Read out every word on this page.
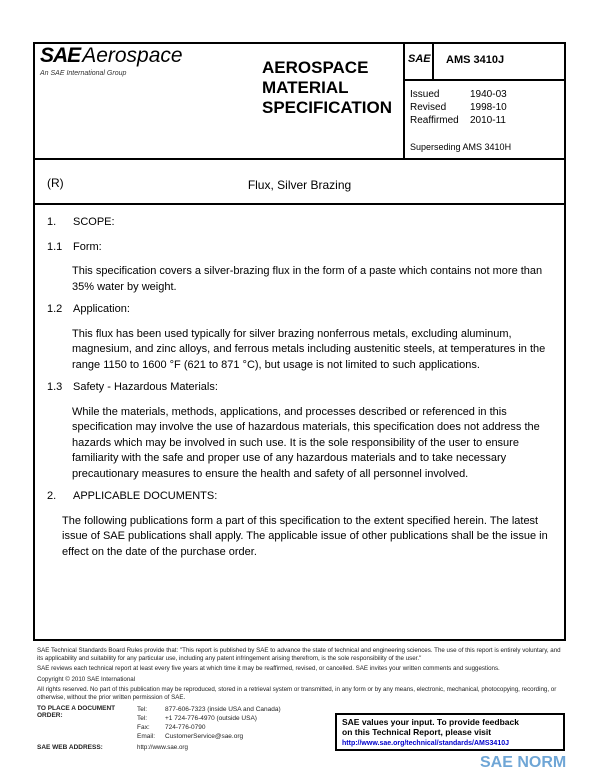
SAEAerospace
An SAE International Group	AEROSPACE
MATERIAL
SPECIFICATION
SAE AMS 3410J
Issued	1940-03
Revised 1998-10
Reaffirmed 2010-11
Superseding AMS 3410H
(R)	Flux, Silver Brazing
1. SCOPE:
1.1 Form:
This specification covers a silver-brazing flux in the form of a paste which contains not more than 35% water by weight.
1.2 Application:
This flux has been used typically for silver brazing nonferrous metals, excluding aluminum, magnesium, and zinc alloys, and ferrous metals including austenitic steels, at temperatures in the range 1150 to 1600 °F (621 to 871 °C), but usage is not limited to such applications.
1.3 Safety - Hazardous Materials:
While the materials, methods, applications, and processes described or referenced in this specification may involve the use of hazardous materials, this specification does not address the hazards which may be involved in such use. It is the sole responsibility of the user to ensure familiarity with the safe and proper use of any hazardous materials and to take necessary precautionary measures to ensure the health and safety of all personnel involved.
2. APPLICABLE DOCUMENTS:
The following publications form a part of this specification to the extent specified herein. The latest issue of SAE publications shall apply. The applicable issue of other publications shall be the issue in effect on the date of the purchase order.
SAE Technical Standards Board Rules provide that: "This report is published by SAE to advance the state of technical and engineering sciences. The use of this report is entirely voluntary, and its applicability and suitability for any particular use, including any patent infringement arising therefrom, is the sole responsibility of the user."
SAE reviews each technical report at least every five years at which time it may be reaffirmed, revised, or cancelled. SAE invites your written comments and suggestions.
Copyright © 2010 SAE International
All rights reserved. No part of this publication may be reproduced, stored in a retrieval system or transmitted, in any form or by any means, electronic, mechanical, photocopying, recording, or otherwise, without the prior written permission of SAE.
TO PLACE A DOCUMENT ORDER:
Tel:	877-606-7323 (inside USA and Canada)
Tel:	+1 724-776-4970 (outside USA)
Fax: 724-776-0790
Email: CustomerService@sae.org
SAE WEB ADDRESS:	http://www.sae.org
SAE values your input. To provide feedback
on this Technical Report, please visit
http://www.sae.org/technical/standards/AMS3410J
SAE NORM
